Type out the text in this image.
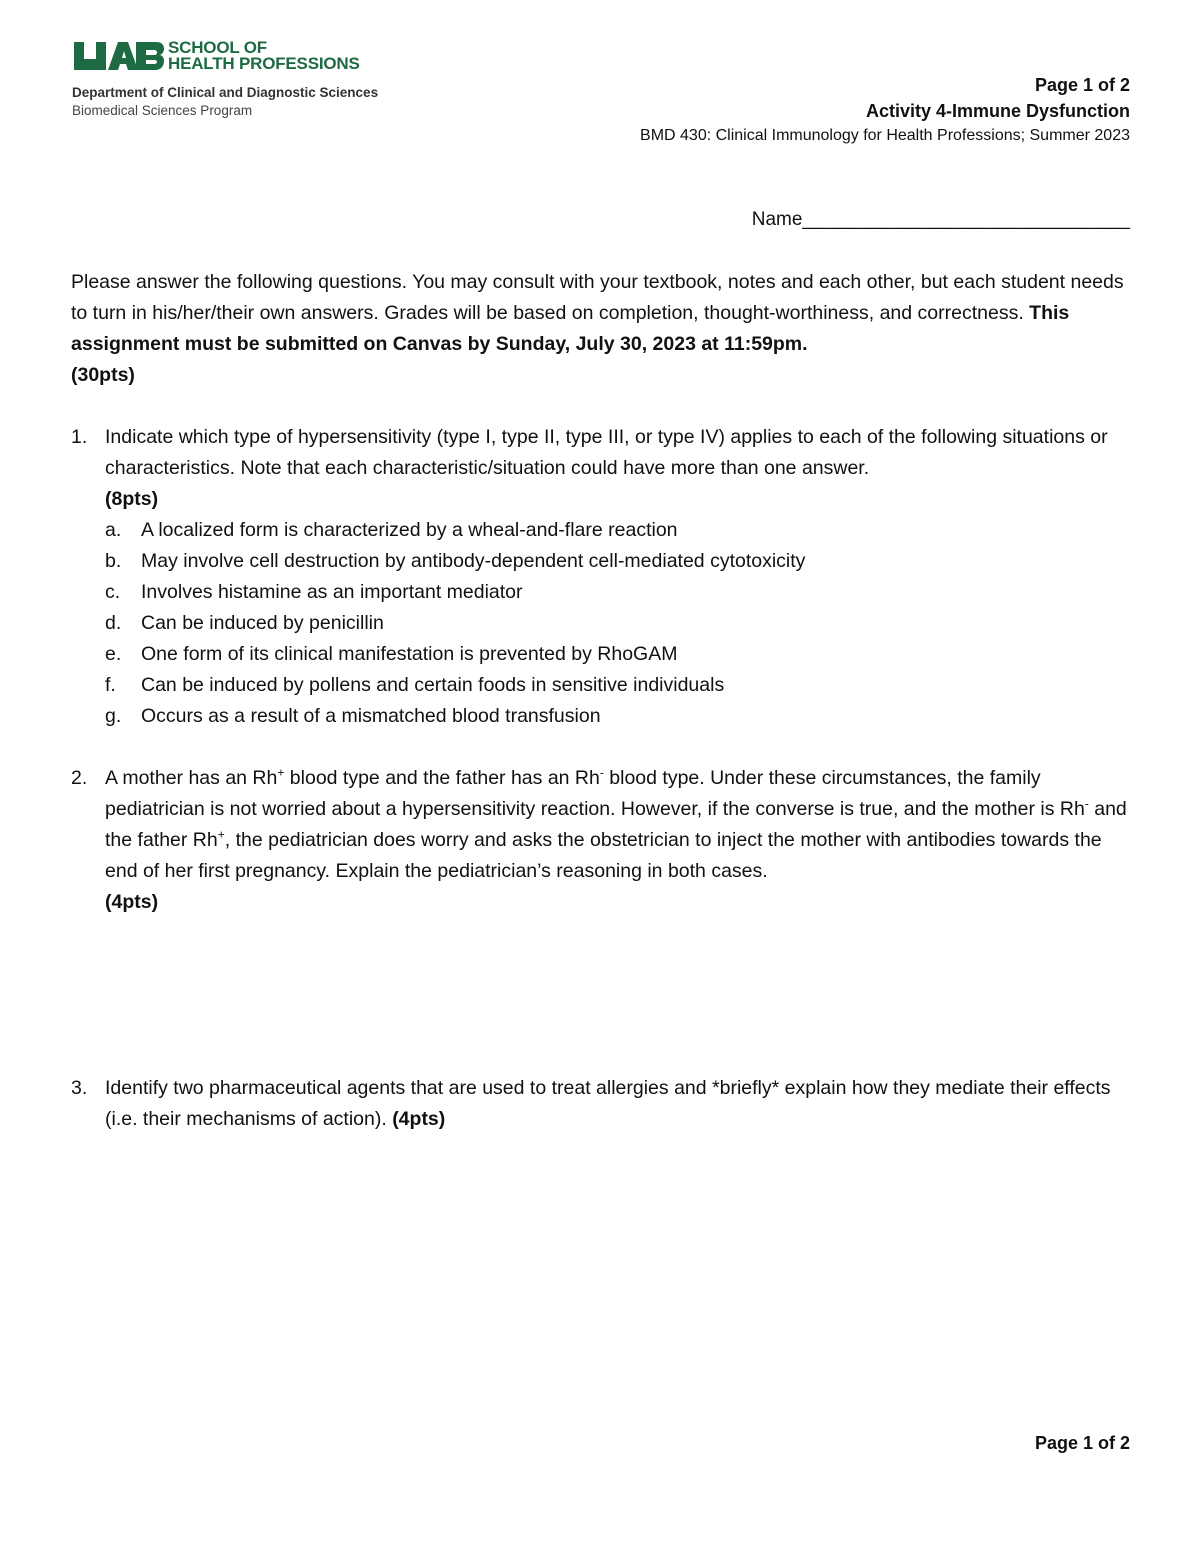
SCHOOL OF
HEALTH PROFESSIONS
Department of Clinical and Diagnostic Sciences
Biomedical Sciences Program
Page 1 of 2
Activity 4-Immune Dysfunction
BMD 430: Clinical Immunology for Health Professions; Summer 2023
Name_______________________________

Please answer the following questions. You may consult with your textbook, notes and each other, but each student needs to turn in his/her/their own answers. Grades will be based on completion, thought-worthiness, and correctness. This assignment must be submitted on Canvas by Sunday, July 30, 2023 at 11:59pm.
(30pts)

1. Indicate which type of hypersensitivity (type I, type II, type III, or type IV) applies to each of the following situations or characteristics. Note that each characteristic/situation could have more than one answer.
(8pts)
a. A localized form is characterized by a wheal-and-flare reaction
b. May involve cell destruction by antibody-dependent cell-mediated cytotoxicity
c. Involves histamine as an important mediator
d. Can be induced by penicillin
e. One form of its clinical manifestation is prevented by RhoGAM
f. Can be induced by pollens and certain foods in sensitive individuals
g. Occurs as a result of a mismatched blood transfusion
2. A mother has an Rh+ blood type and the father has an Rh- blood type. Under these circumstances, the family pediatrician is not worried about a hypersensitivity reaction. However, if the converse is true, and the mother is Rh- and the father Rh+, the pediatrician does worry and asks the obstetrician to inject the mother with antibodies towards the end of her first pregnancy. Explain the pediatrician’s reasoning in both cases.
(4pts)
3. Identify two pharmaceutical agents that are used to treat allergies and *briefly* explain how they mediate their effects (i.e. their mechanisms of action). (4pts)
Page 1 of 2
